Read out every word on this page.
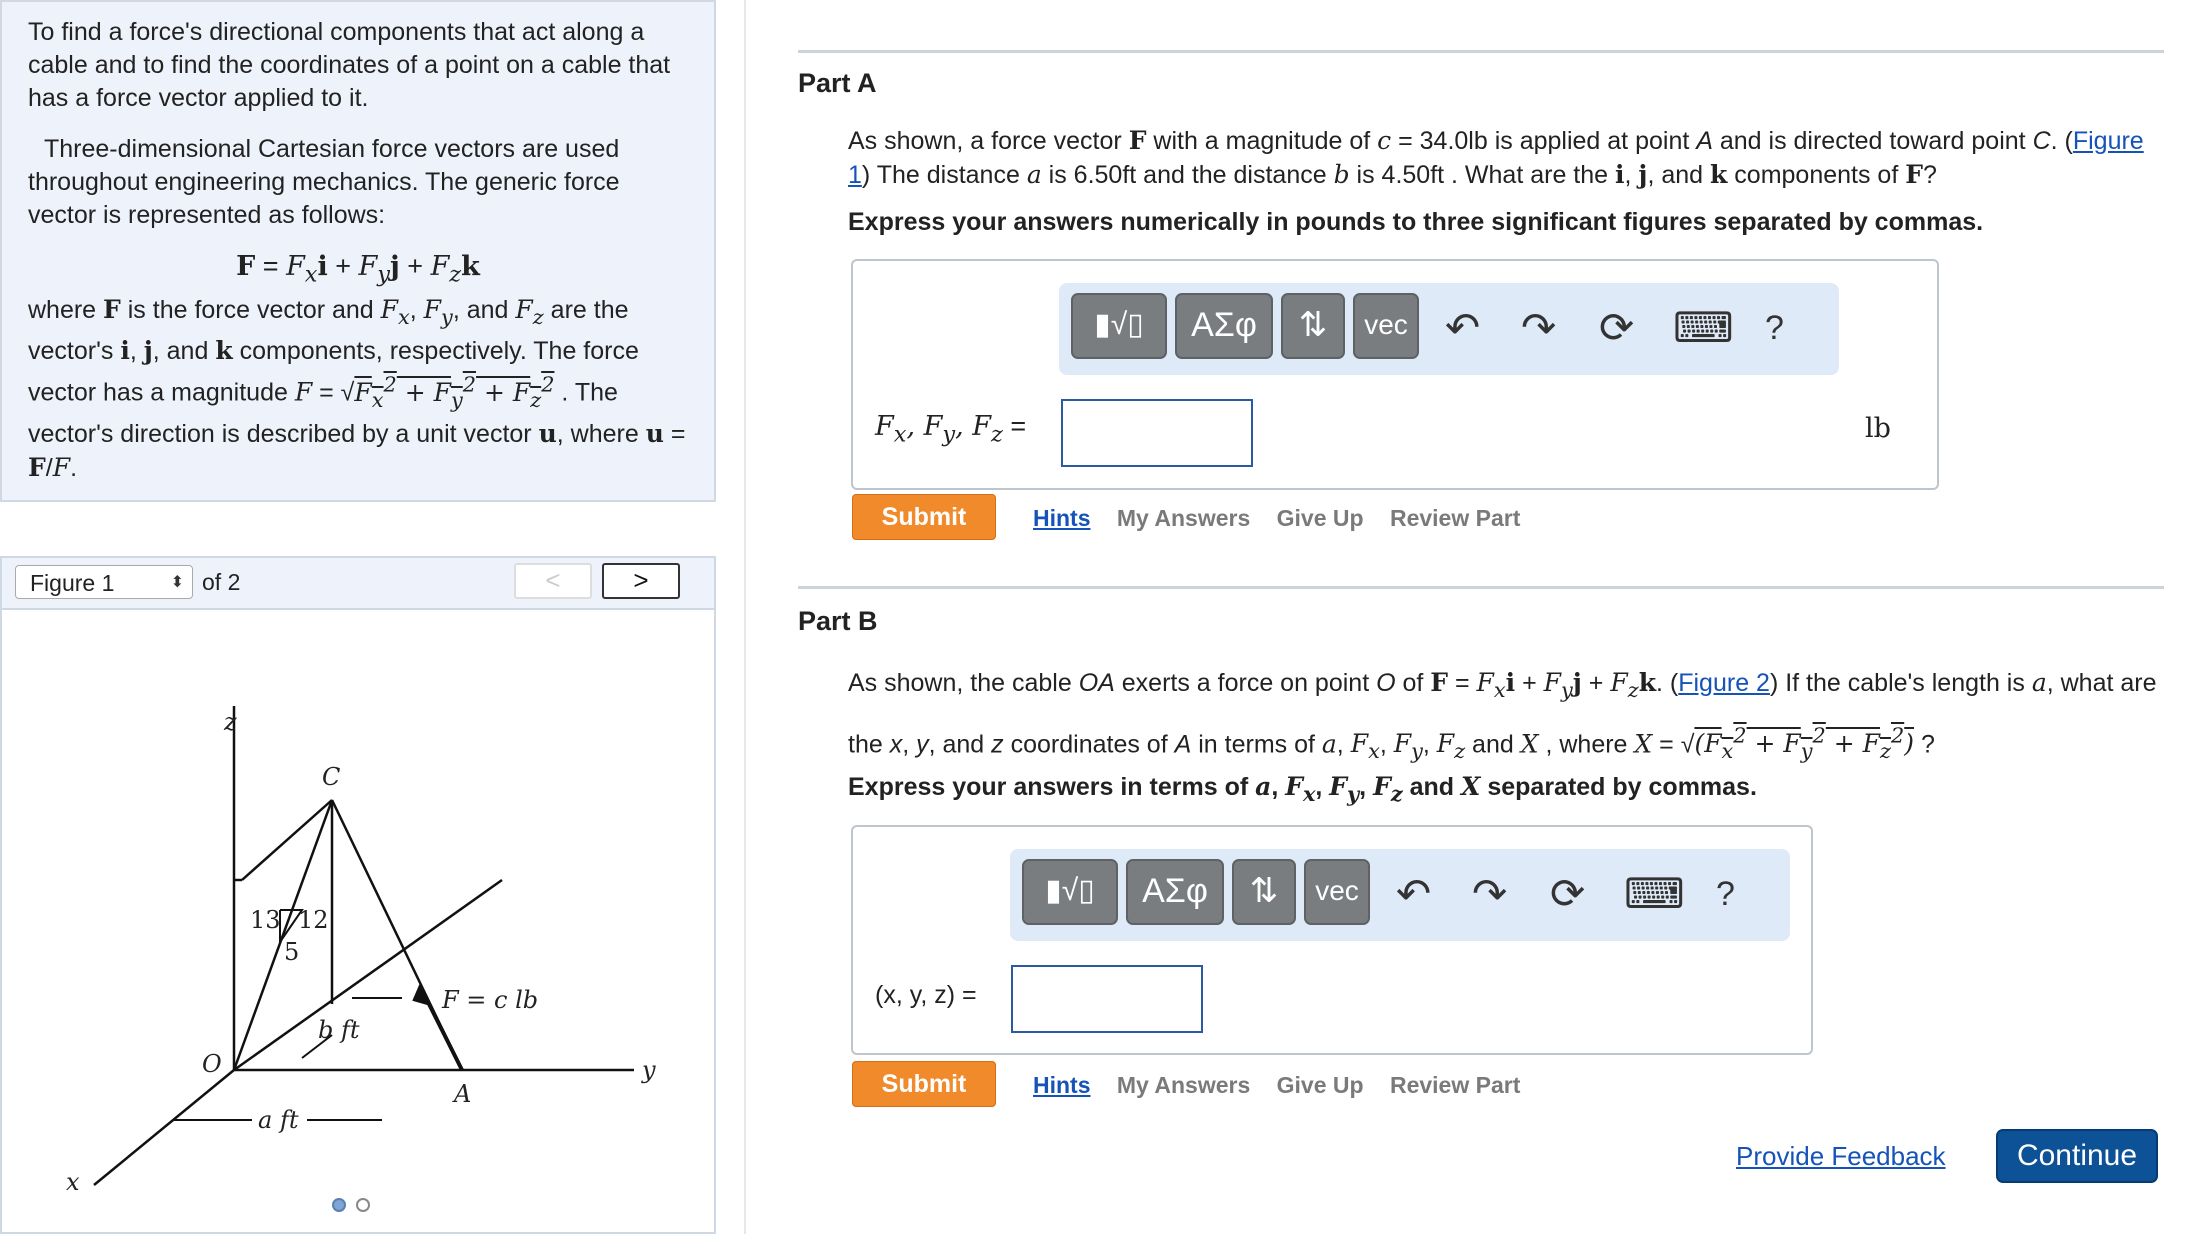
To find a force's directional components that act along a cable and to find the coordinates of a point on a cable that has a force vector applied to it.

Three-dimensional Cartesian force vectors are used throughout engineering mechanics. The generic force vector is represented as follows:

$F = F_xi + F_yj + F_zk$

where F is the force vector and $F_x$, $F_y$, and $F_z$ are the vector's i, j, and k components, respectively. The force vector has a magnitude $F = √F_x^2 + F_y^2 + F_z^2$ . The vector's direction is described by a unit vector u, where u = F/F.

Figure 1	⬍ of 2	<	>
z
C
13 12
5
F = c lb
b ft
O
A
y
a ft
x

Part A
As shown, a force vector F with a magnitude of c = 34.0lb is applied at point A and is directed toward point C. (Figure 1) The distance a is 6.50ft and the distance b is 4.50ft . What are the i, j, and k components of F?
Express your answers numerically in pounds to three significant figures separated by commas.
▮√▯	ΑΣφ	⇅	vec ↶ ↷ ⟳ ⌨ ?
$F_x$, $F_y$, $F_z$ =	lb
Submit	Hints My Answers Give Up Review Part
Part B
As shown, the cable OA exerts a force on point O of $F = F_xi + F_yj + F_zk$. (Figure 2) If the cable's length is a, what are the x, y, and z coordinates of A in terms of a, $F_x$, $F_y$, $F_z$ and X , where $X = √(F_x^2 + F_y^2 + F_z^2)$ ?
Express your answers in terms of a, $F_x$, $F_y$, $F_z$ and X separated by commas.
▮√▯	ΑΣφ	⇅	vec ↶ ↷ ⟳ ⌨ ?
(x, y, z) =
Submit	Hints My Answers Give Up Review Part
Provide Feedback	Continue
